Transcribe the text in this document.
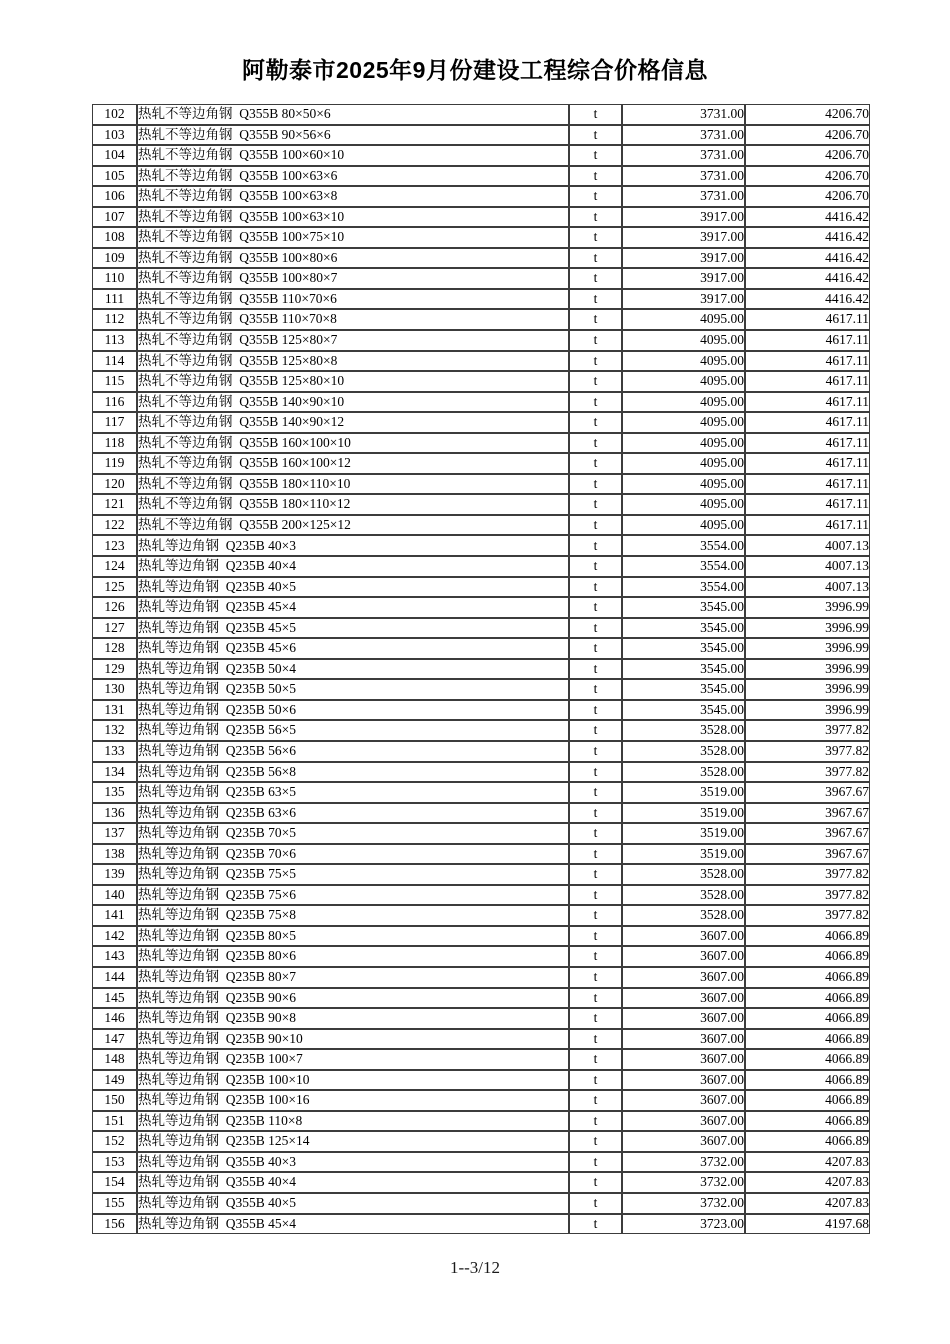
阿勒泰市2025年9月份建设工程综合价格信息
102	热轧不等边角钢  Q355B 80×50×6	t	3731.00	4206.70
103	热轧不等边角钢  Q355B 90×56×6	t	3731.00	4206.70
104	热轧不等边角钢  Q355B 100×60×10	t	3731.00	4206.70
105	热轧不等边角钢  Q355B 100×63×6	t	3731.00	4206.70
106	热轧不等边角钢  Q355B 100×63×8	t	3731.00	4206.70
107	热轧不等边角钢  Q355B 100×63×10	t	3917.00	4416.42
108	热轧不等边角钢  Q355B 100×75×10	t	3917.00	4416.42
109	热轧不等边角钢  Q355B 100×80×6	t	3917.00	4416.42
110	热轧不等边角钢  Q355B 100×80×7	t	3917.00	4416.42
111	热轧不等边角钢  Q355B 110×70×6	t	3917.00	4416.42
112	热轧不等边角钢  Q355B 110×70×8	t	4095.00	4617.11
113	热轧不等边角钢  Q355B 125×80×7	t	4095.00	4617.11
114	热轧不等边角钢  Q355B 125×80×8	t	4095.00	4617.11
115	热轧不等边角钢  Q355B 125×80×10	t	4095.00	4617.11
116	热轧不等边角钢  Q355B 140×90×10	t	4095.00	4617.11
117	热轧不等边角钢  Q355B 140×90×12	t	4095.00	4617.11
118	热轧不等边角钢  Q355B 160×100×10	t	4095.00	4617.11
119	热轧不等边角钢  Q355B 160×100×12	t	4095.00	4617.11
120	热轧不等边角钢  Q355B 180×110×10	t	4095.00	4617.11
121	热轧不等边角钢  Q355B 180×110×12	t	4095.00	4617.11
122	热轧不等边角钢  Q355B 200×125×12	t	4095.00	4617.11
123	热轧等边角钢  Q235B 40×3	t	3554.00	4007.13
124	热轧等边角钢  Q235B 40×4	t	3554.00	4007.13
125	热轧等边角钢  Q235B 40×5	t	3554.00	4007.13
126	热轧等边角钢  Q235B 45×4	t	3545.00	3996.99
127	热轧等边角钢  Q235B 45×5	t	3545.00	3996.99
128	热轧等边角钢  Q235B 45×6	t	3545.00	3996.99
129	热轧等边角钢  Q235B 50×4	t	3545.00	3996.99
130	热轧等边角钢  Q235B 50×5	t	3545.00	3996.99
131	热轧等边角钢  Q235B 50×6	t	3545.00	3996.99
132	热轧等边角钢  Q235B 56×5	t	3528.00	3977.82
133	热轧等边角钢  Q235B 56×6	t	3528.00	3977.82
134	热轧等边角钢  Q235B 56×8	t	3528.00	3977.82
135	热轧等边角钢  Q235B 63×5	t	3519.00	3967.67
136	热轧等边角钢  Q235B 63×6	t	3519.00	3967.67
137	热轧等边角钢  Q235B 70×5	t	3519.00	3967.67
138	热轧等边角钢  Q235B 70×6	t	3519.00	3967.67
139	热轧等边角钢  Q235B 75×5	t	3528.00	3977.82
140	热轧等边角钢  Q235B 75×6	t	3528.00	3977.82
141	热轧等边角钢  Q235B 75×8	t	3528.00	3977.82
142	热轧等边角钢  Q235B 80×5	t	3607.00	4066.89
143	热轧等边角钢  Q235B 80×6	t	3607.00	4066.89
144	热轧等边角钢  Q235B 80×7	t	3607.00	4066.89
145	热轧等边角钢  Q235B 90×6	t	3607.00	4066.89
146	热轧等边角钢  Q235B 90×8	t	3607.00	4066.89
147	热轧等边角钢  Q235B 90×10	t	3607.00	4066.89
148	热轧等边角钢  Q235B 100×7	t	3607.00	4066.89
149	热轧等边角钢  Q235B 100×10	t	3607.00	4066.89
150	热轧等边角钢  Q235B 100×16	t	3607.00	4066.89
151	热轧等边角钢  Q235B 110×8	t	3607.00	4066.89
152	热轧等边角钢  Q235B 125×14	t	3607.00	4066.89
153	热轧等边角钢  Q355B 40×3	t	3732.00	4207.83
154	热轧等边角钢  Q355B 40×4	t	3732.00	4207.83
155	热轧等边角钢  Q355B 40×5	t	3732.00	4207.83
156	热轧等边角钢  Q355B 45×4	t	3723.00	4197.68
1--3/12
